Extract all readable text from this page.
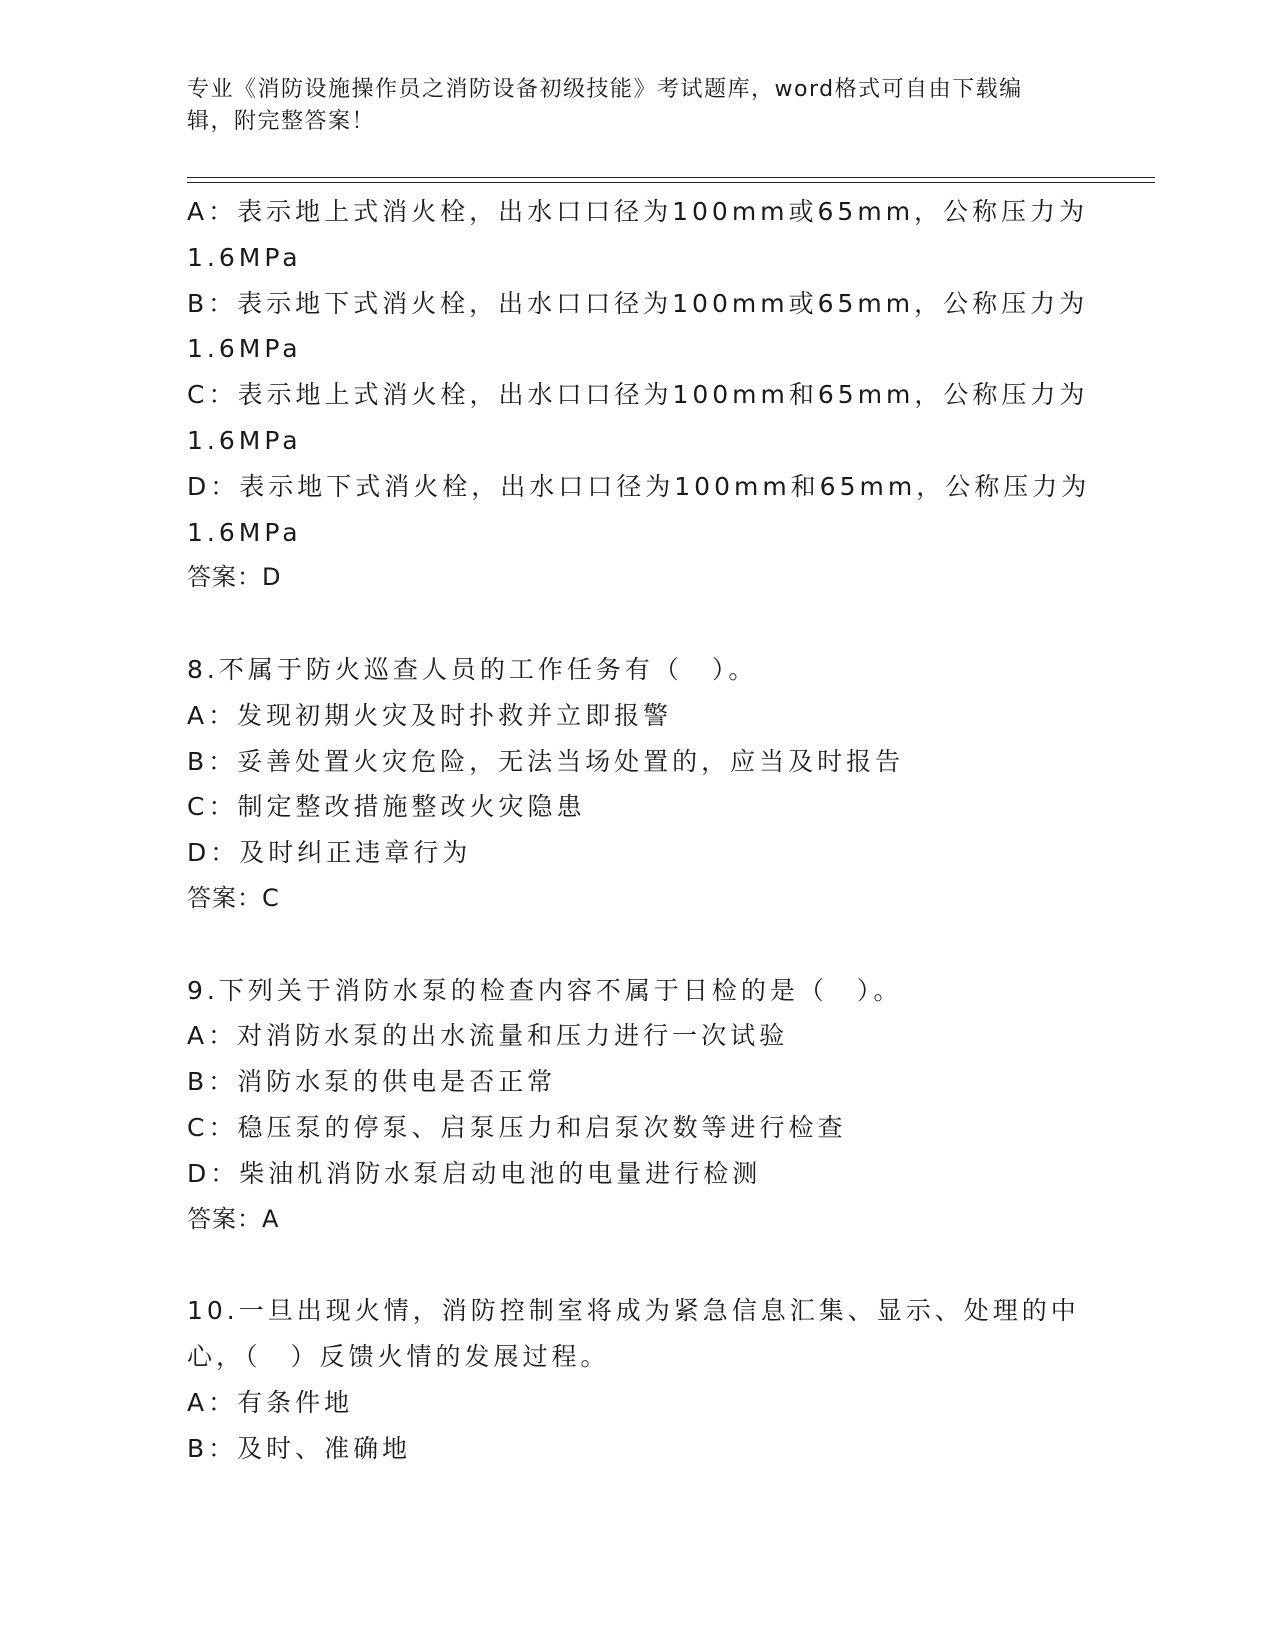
专业《消防设施操作员之消防设备初级技能》考试题库，word格式可自由下载编
辑，附完整答案！
A：表示地上式消火栓，出水口口径为100mm或65mm，公称压力为
1.6MPa
B：表示地下式消火栓，出水口口径为100mm或65mm，公称压力为
1.6MPa
C：表示地上式消火栓，出水口口径为100mm和65mm，公称压力为
1.6MPa
D：表示地下式消火栓，出水口口径为100mm和65mm，公称压力为
1.6MPa
答案：D
8.不属于防火巡查人员的工作任务有（　）。
A：发现初期火灾及时扑救并立即报警
B：妥善处置火灾危险，无法当场处置的，应当及时报告
C：制定整改措施整改火灾隐患
D：及时纠正违章行为
答案：C
9.下列关于消防水泵的检查内容不属于日检的是（　）。
A：对消防水泵的出水流量和压力进行一次试验
B：消防水泵的供电是否正常
C：稳压泵的停泵、启泵压力和启泵次数等进行检查
D：柴油机消防水泵启动电池的电量进行检测
答案：A
10.一旦出现火情，消防控制室将成为紧急信息汇集、显示、处理的中
心，（　）反馈火情的发展过程。
A：有条件地
B：及时、准确地
